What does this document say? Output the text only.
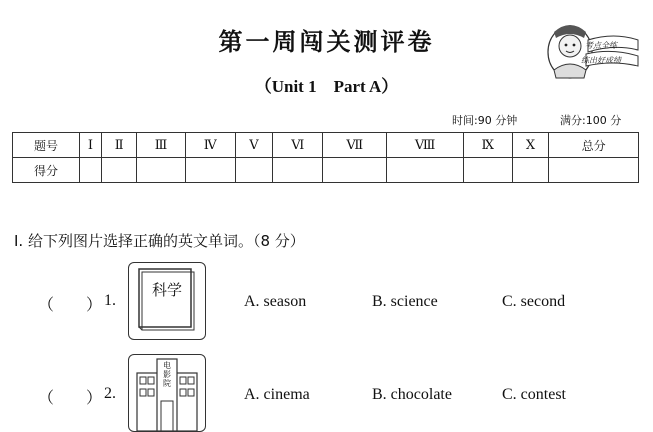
第一周闯关测评卷
（Unit 1　Part A）
考点全练
练出好成绩
时间:90 分钟	满分:100 分
题号	Ⅰ	Ⅱ	Ⅲ	Ⅳ	Ⅴ	Ⅵ	Ⅶ	Ⅷ	Ⅸ	Ⅹ	总分
得分											
Ⅰ. 给下列图片选择正确的英文单词。（8 分）
（　　） 1.
科学
A. season	B. science	C. second
（　　） 2.
电影院
A. cinema	B. chocolate	C. contest
